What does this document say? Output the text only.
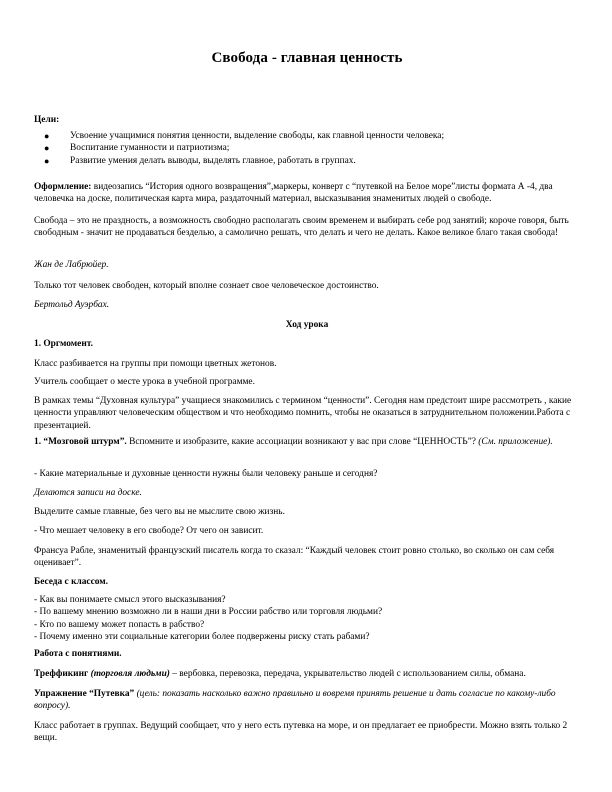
Свобода - главная ценность
Цели:
● Усвоение учащимися понятия ценности, выделение свободы, как главной ценности человека;
● Воспитание гуманности и патриотизма;
● Развитие умения делать выводы, выделять главное, работать в группах.
Оформление: видеозапись “История одного возвращения”,маркеры, конверт с “путевкой на Белое море”листы формата А -4, два человечка на доске, политическая карта мира, раздаточный материал, высказывания знаменитых людей о свободе.
Свобода – это не праздность, а возможность свободно располагать своим временем и выбирать себе род занятий; короче говоря, быть свободным - значит не продаваться безделью, а самолично решать, что делать и чего не делать. Какое великое благо такая свобода!
Жан де Лабрюйер.
Только тот человек свободен, который вполне сознает свое человеческое достоинство.
Бертольд Ауэрбах.
Ход урока
1. Оргмомент.
Класс разбивается на группы при помощи цветных жетонов.
Учитель сообщает о месте урока в учебной программе.
В рамках темы “Духовная культура” учащиеся знакомились с термином “ценности”. Сегодня нам предстоит шире рассмотреть , какие ценности управляют человеческим обществом и что необходимо помнить, чтобы не оказаться в затруднительном положении.Работа с презентацией.
1. “Мозговой штурм”. Вспомните и изобразите, какие ассоциации возникают у вас при слове “ЦЕННОСТЬ”? (См. приложение).
- Какие материальные и духовные ценности нужны были человеку раньше и сегодня?
Делаются записи на доске.
Выделите самые главные, без чего вы не мыслите свою жизнь.
- Что мешает человеку в его свободе? От чего он зависит.
Франсуа Рабле, знаменитый французский писатель когда то сказал: “Каждый человек стоит ровно столько, во сколько он сам себя оценивает”.
Беседа с классом.
- Как вы понимаете смысл этого высказывания?
- По вашему мнению возможно ли в наши дни в России рабство или торговля людьми?
- Кто по вашему может попасть в рабство?
- Почему именно эти социальные категории более подвержены риску стать рабами?
Работа с понятиями.
Треффикинг (торговля людьми) – вербовка, перевозка, передача, укрывательство людей с использованием силы, обмана.
Упражнение “Путевка” (цель: показать насколько важно правильно и вовремя принять решение и дать согласие по какому-либо вопросу).
Класс работает в группах. Ведущий сообщает, что у него есть путевка на море, и он предлагает ее приобрести. Можно взять только 2 вещи.
